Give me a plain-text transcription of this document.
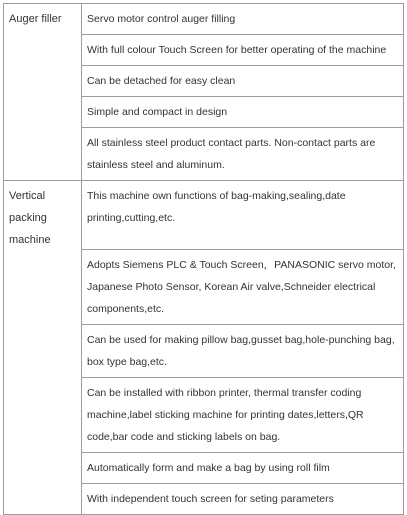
Auger filler	Servo motor control auger filling
	With full colour Touch Screen for better operating of the machine
	Can be detached for easy clean
	Simple and compact in design
	All stainless steel product contact parts. Non-contact parts are stainless steel and aluminum.
Vertical packing machine	This machine own functions of bag-making,sealing,date printing,cutting,etc.
	Adopts Siemens PLC & Touch Screen，PANASONIC servo motor, Japanese Photo Sensor, Korean Air valve,Schneider electrical components,etc.
	Can be used for making pillow bag,gusset bag,hole-punching bag, box type bag,etc.
	Can be installed with ribbon printer, thermal transfer coding machine,label sticking machine for printing dates,letters,QR code,bar code and sticking labels on bag.
	Automatically form and make a bag by using roll film
	With independent touch screen for seting parameters
